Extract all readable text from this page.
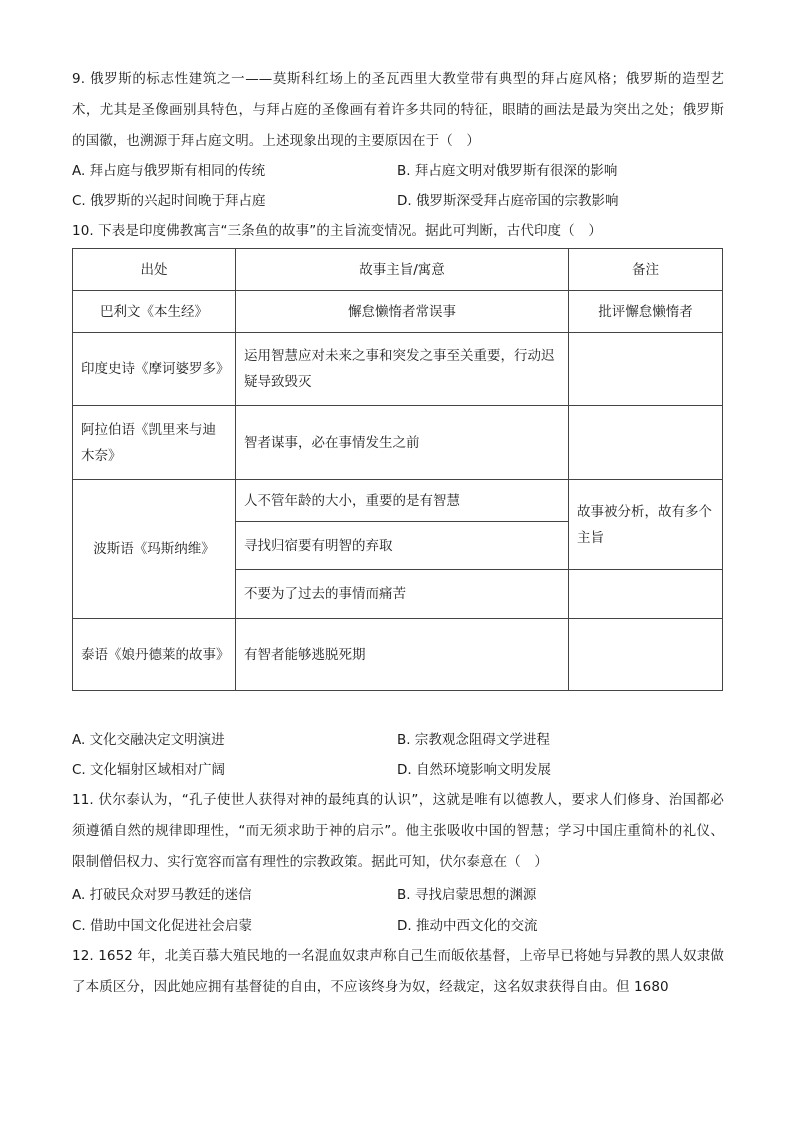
9. 俄罗斯的标志性建筑之一——莫斯科红场上的圣瓦西里大教堂带有典型的拜占庭风格；俄罗斯的造型艺术，尤其是圣像画别具特色，与拜占庭的圣像画有着许多共同的特征，眼睛的画法是最为突出之处；俄罗斯的国徽，也溯源于拜占庭文明。上述现象出现的主要原因在于（　）
A. 拜占庭与俄罗斯有相同的传统	B. 拜占庭文明对俄罗斯有很深的影响
C. 俄罗斯的兴起时间晚于拜占庭	D. 俄罗斯深受拜占庭帝国的宗教影响
10. 下表是印度佛教寓言“三条鱼的故事”的主旨流变情况。据此可判断，古代印度（　）
出处	故事主旨/寓意	备注
巴利文《本生经》	懈怠懒惰者常误事	批评懈怠懒惰者
印度史诗《摩诃婆罗多》	运用智慧应对未来之事和突发之事至关重要，行动迟疑导致毁灭	
阿拉伯语《凯里来与迪木奈》	智者谋事，必在事情发生之前	
波斯语《玛斯纳维》	人不管年龄的大小，重要的是有智慧	故事被分析，故有多个主旨
	寻找归宿要有明智的弃取	
	不要为了过去的事情而痛苦	
泰语《娘丹德莱的故事》	有智者能够逃脱死期	
A. 文化交融决定文明演进	B. 宗教观念阻碍文学进程
C. 文化辐射区域相对广阔	D. 自然环境影响文明发展
11. 伏尔泰认为，“孔子使世人获得对神的最纯真的认识”，这就是唯有以德教人，要求人们修身、治国都必须遵循自然的规律即理性，“而无须求助于神的启示”。他主张吸收中国的智慧；学习中国庄重简朴的礼仪、限制僧侣权力、实行宽容而富有理性的宗教政策。据此可知，伏尔泰意在（　）
A. 打破民众对罗马教廷的迷信	B. 寻找启蒙思想的渊源
C. 借助中国文化促进社会启蒙	D. 推动中西文化的交流
12. 1652 年，北美百慕大殖民地的一名混血奴隶声称自己生而皈依基督，上帝早已将她与异教的黑人奴隶做了本质区分，因此她应拥有基督徒的自由，不应该终身为奴，经裁定，这名奴隶获得自由。但 1680
